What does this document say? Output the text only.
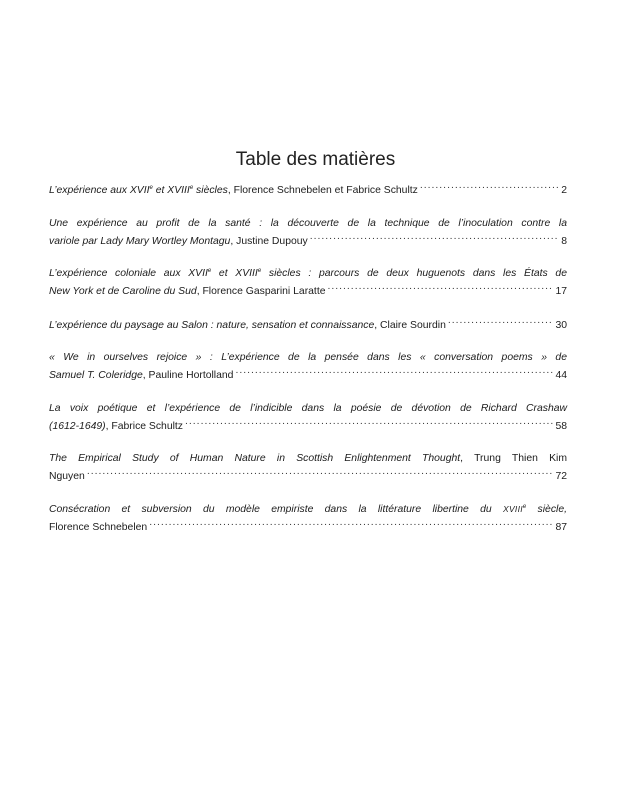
Table des matières
L’expérience aux XVIIe et XVIIIe siècles, Florence Schnebelen et Fabrice Schultz .....	2
Une expérience au profit de la santé : la découverte de la technique de l’inoculation contre la
variole par Lady Mary Wortley Montagu, Justine Dupouy .....	8
L’expérience coloniale aux XVIIe et XVIIIe siècles : parcours de deux huguenots dans les États de
New York et de Caroline du Sud, Florence Gasparini Laratte .....	17
L’expérience du paysage au Salon : nature, sensation et connaissance, Claire Sourdin .....	30
« We in ourselves rejoice » : L’expérience de la pensée dans les « conversation poems » de
Samuel T. Coleridge, Pauline Hortolland .....	44
La voix poétique et l’expérience de l’indicible dans la poésie de dévotion de Richard Crashaw
(1612-1649), Fabrice Schultz .....	58
The Empirical Study of Human Nature in Scottish Enlightenment Thought, Trung Thien Kim
Nguyen .....	72
Consécration et subversion du modèle empiriste dans la littérature libertine du XVIIIe siècle,
Florence Schnebelen .....	87
